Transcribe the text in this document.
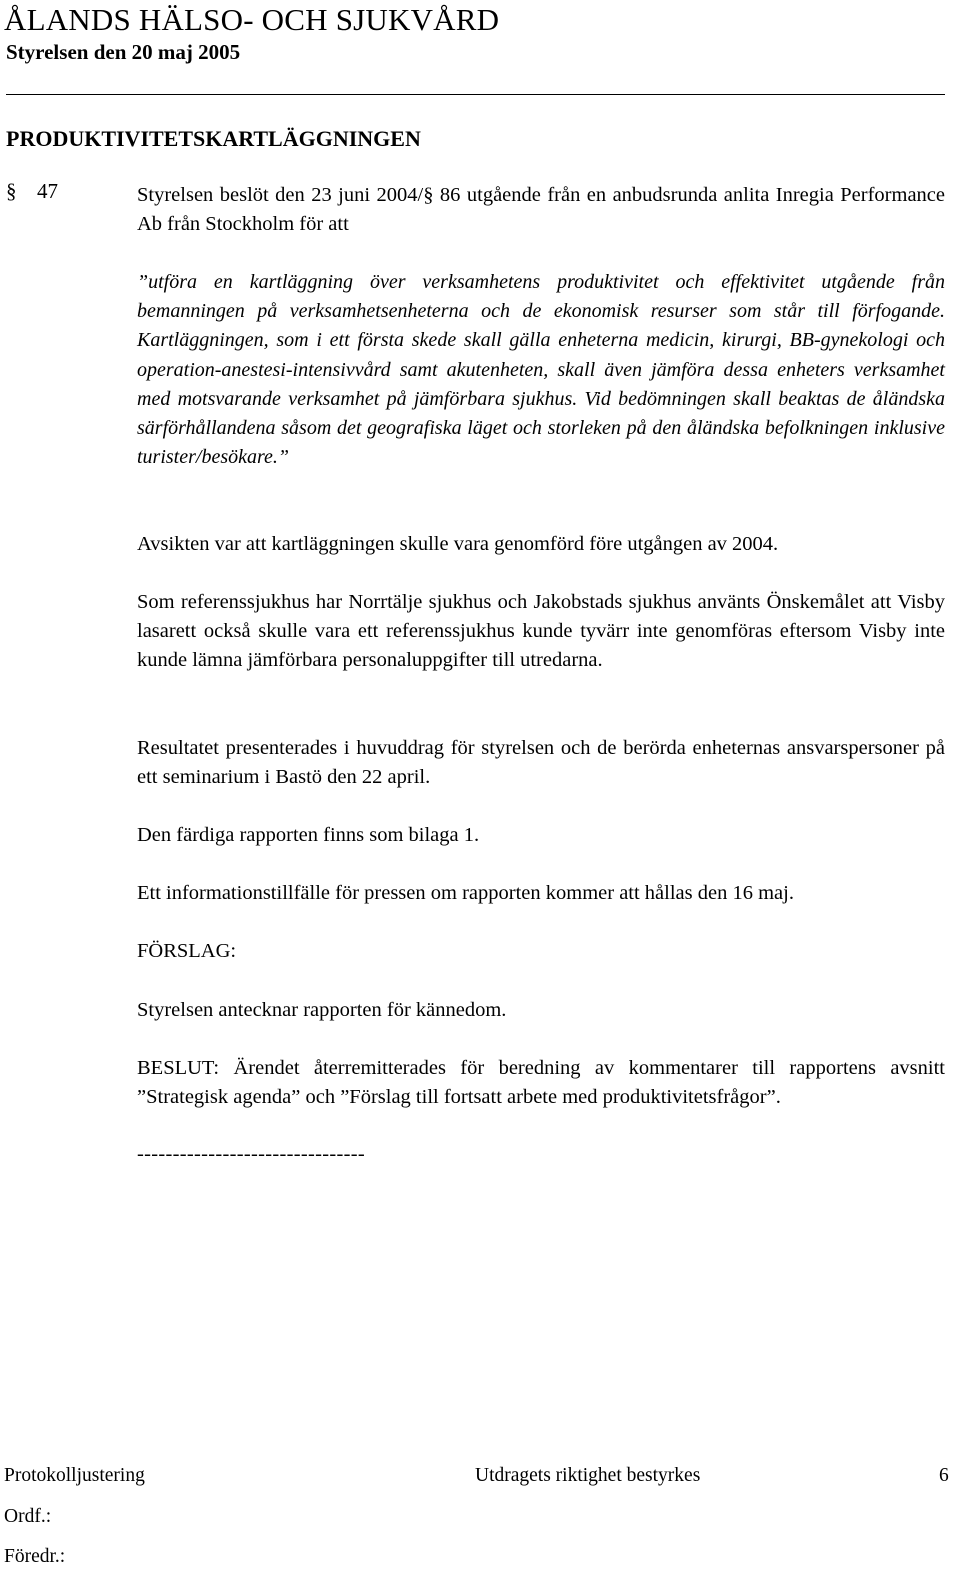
ÅLANDS HÄLSO- OCH SJUKVÅRD
Styrelsen den 20 maj 2005
PRODUKTIVITETSKARTLÄGGNINGEN
§ 47	Styrelsen beslöt den 23 juni 2004/§ 86 utgående från en anbudsrunda anlita Inregia Performance Ab från Stockholm för att

”utföra en kartläggning över verksamhetens produktivitet och effektivitet utgående från bemanningen på verksamhetsenheterna och de ekonomisk resurser som står till förfogande. Kartläggningen, som i ett första skede skall gälla enheterna medicin, kirurgi, BB-gynekologi och operation-anestesi-intensivvård samt akutenheten, skall även jämföra dessa enheters verksamhet med motsvarande verksamhet på jämförbara sjukhus. Vid bedömningen skall beaktas de åländska särförhållandena såsom det geografiska läget och storleken på den åländska befolkningen inklusive turister/besökare.”

Avsikten var att kartläggningen skulle vara genomförd före utgången av 2004.

Som referenssjukhus har Norrtälje sjukhus och Jakobstads sjukhus använts Önskemålet att Visby lasarett också skulle vara ett referenssjukhus kunde tyvärr inte genomföras eftersom Visby inte kunde lämna jämförbara personaluppgifter till utredarna.

Resultatet presenterades i huvuddrag för styrelsen och de berörda enheternas ansvarspersoner på ett seminarium i Bastö den 22 april.

Den färdiga rapporten finns som bilaga 1.

Ett informationstillfälle för pressen om rapporten kommer att hållas den 16 maj.

FÖRSLAG:

Styrelsen antecknar rapporten för kännedom.

BESLUT: Ärendet återremitterades för beredning av kommentarer till rapportens avsnitt ”Strategisk agenda” och ”Förslag till fortsatt arbete med produktivitetsfrågor”.

--------------------------------
Protokolljustering	Utdragets riktighet bestyrkes	6
Ordf.:
Föredr.:
